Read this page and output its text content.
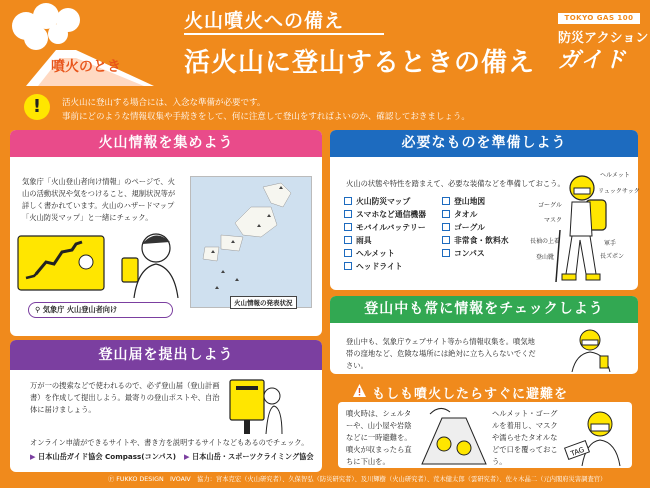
噴火のとき
火山噴火への備え
活火山に登山するときの備え
TOKYO GAS 100
防災アクション
ガイド
!	活火山に登山する場合には、入念な準備が必要です。
事前にどのような情報収集や手続きをして、何に注意して登山をすればよいのか、確認しておきましょう。
火山情報を集めよう
気象庁「火山登山者向け情報」のページで、火山の活動状況や気をつけること、規制状況等が詳しく書かれています。火山のハザードマップ「火山防災マップ」と一緒にチェック。
火山情報の発表状況
⚲ 気象庁 火山登山者向け
登山届を提出しよう
万が一の捜索などで使われるので、必ず登山届（登山計画書）を作成して提出しよう。最寄りの登山ポストや、自治体に届けましょう。
オンライン申請ができるサイトや、書き方を説明するサイトなどもあるのでチェック。
▶ 日本山岳ガイド協会 Compass(コンパス) ▶ 日本山岳・スポーツクライミング協会
必要なものを準備しよう
火山の状態や特性を踏まえて、必要な装備などを準備しておこう。
火山防災マップ
スマホなど通信機器
モバイルバッテリー
雨具
ヘルメット
ヘッドライト
登山地図
タオル
ゴーグル
非常食・飲料水
コンパス
ヘルメット
リュックサック
ゴーグル
マスク
長袖の上着
登山靴
軍手
長ズボン
登山中も常に情報をチェックしよう
登山中も、気象庁ウェブサイト等から情報収集を。噴気地帯の窪地など、危険な場所には絶対に立ち入らないでください。
もしも噴火したらすぐに避難を
噴火時は、シェルターや、山小屋や岩陰などに一時避難を。噴火が収まったら直ちに下山を。
ヘルメット・ゴーグルを着用し、マスクや濡らせたタオルなどで口を覆っておこう。
TAG
Ⓕ FUKKO DESIGN　ⅣOAⅣ　協力：宮本克宏（火山研究者）、久保智弘（防災研究者）、及川輝樹（火山研究者）、荒木健太郎（雲研究者）、佐々木晶二（元内閣府災害調査官）
